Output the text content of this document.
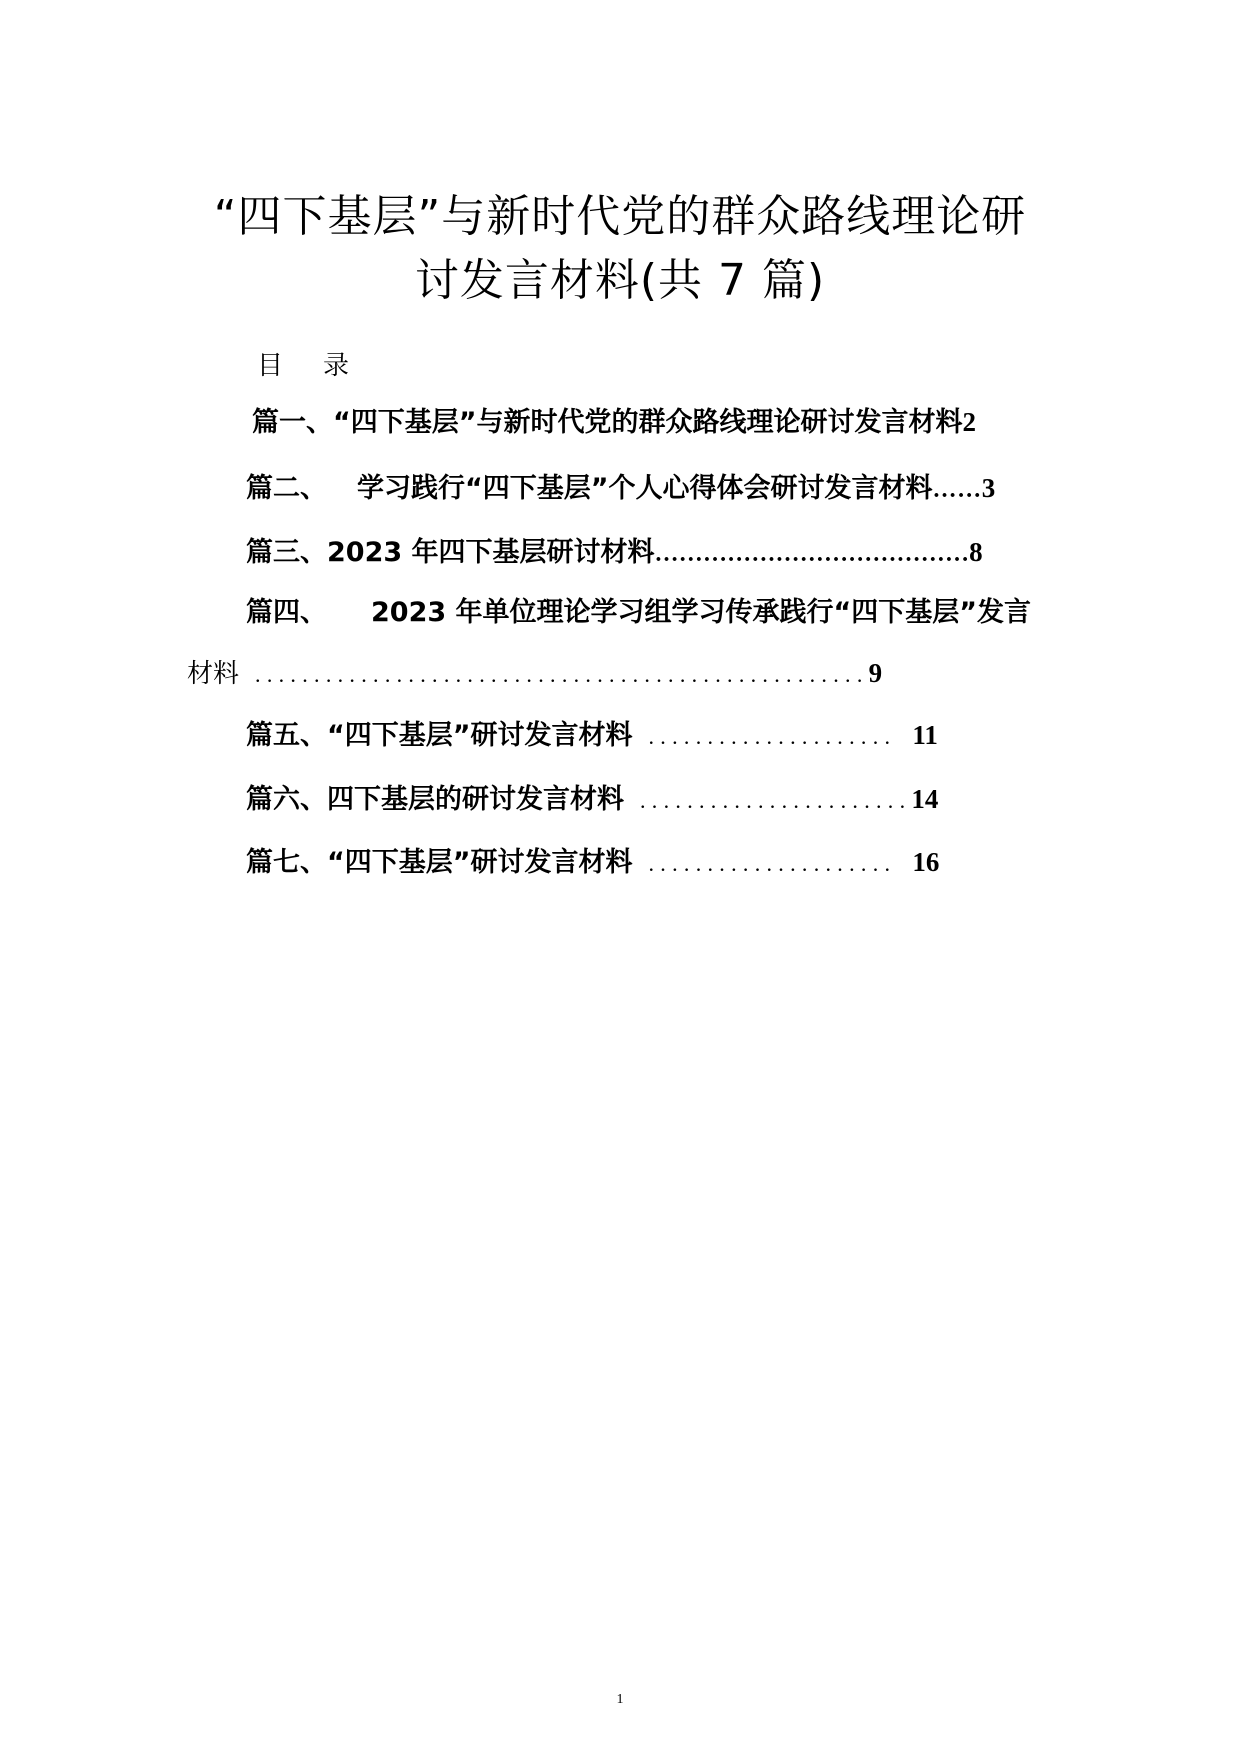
“四下基层”与新时代党的群众路线理论研
讨发言材料(共 7 篇)
目 录
篇一、“四下基层”与新时代党的群众路线理论研讨发言材料2
篇二、 学习践行“四下基层”个人心得体会研讨发言材料……3
篇三、2023 年四下基层研讨材料…………………………………8
篇四、 2023 年单位理论学习组学习传承践行“四下基层”发言
材料 ....................................................9
篇五、“四下基层”研讨发言材料 ..................... 11
篇六、四下基层的研讨发言材料 .......................14
篇七、“四下基层”研讨发言材料 ..................... 16
1
